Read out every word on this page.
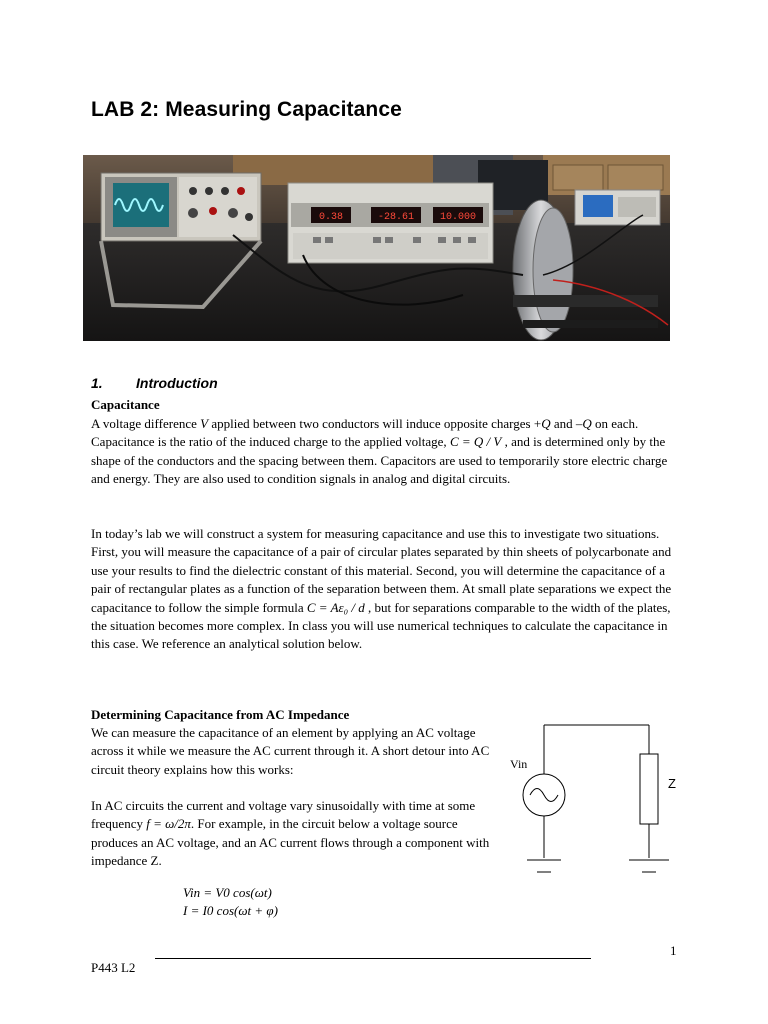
LAB 2: Measuring Capacitance
0.38	-28.61	10.000
1. Introduction
Capacitance

A voltage difference V applied between two conductors will induce opposite charges +Q and –Q on each. Capacitance is the ratio of the induced charge to the applied voltage, C = Q / V , and is determined only by the shape of the conductors and the spacing between them. Capacitors are used to temporarily store electric charge and energy. They are also used to condition signals in analog and digital circuits.

In today’s lab we will construct a system for measuring capacitance and use this to investigate two situations. First, you will measure the capacitance of a pair of circular plates separated by thin sheets of polycarbonate and use your results to find the dielectric constant of this material. Second, you will determine the capacitance of a pair of rectangular plates as a function of the separation between them. At small plate separations we expect the capacitance to follow the simple formula C = Aε₀ / d , but for separations comparable to the width of the plates, the situation becomes more complex. In class you will use numerical techniques to calculate the capacitance in this case. We reference an analytical solution below.

Determining Capacitance from AC Impedance

We can measure the capacitance of an element by applying an AC voltage across it while we measure the AC current through it. A short detour into AC circuit theory explains how this works:

In AC circuits the current and voltage vary sinusoidally with time at some frequency f = ω/2π. For example, in the circuit below a voltage source produces an AC voltage, and an AC current flows through a component with impedance Z.

Vin
Z
Vin = V0 cos(ωt)
I = I0 cos(ωt + φ)
1
P443 L2
